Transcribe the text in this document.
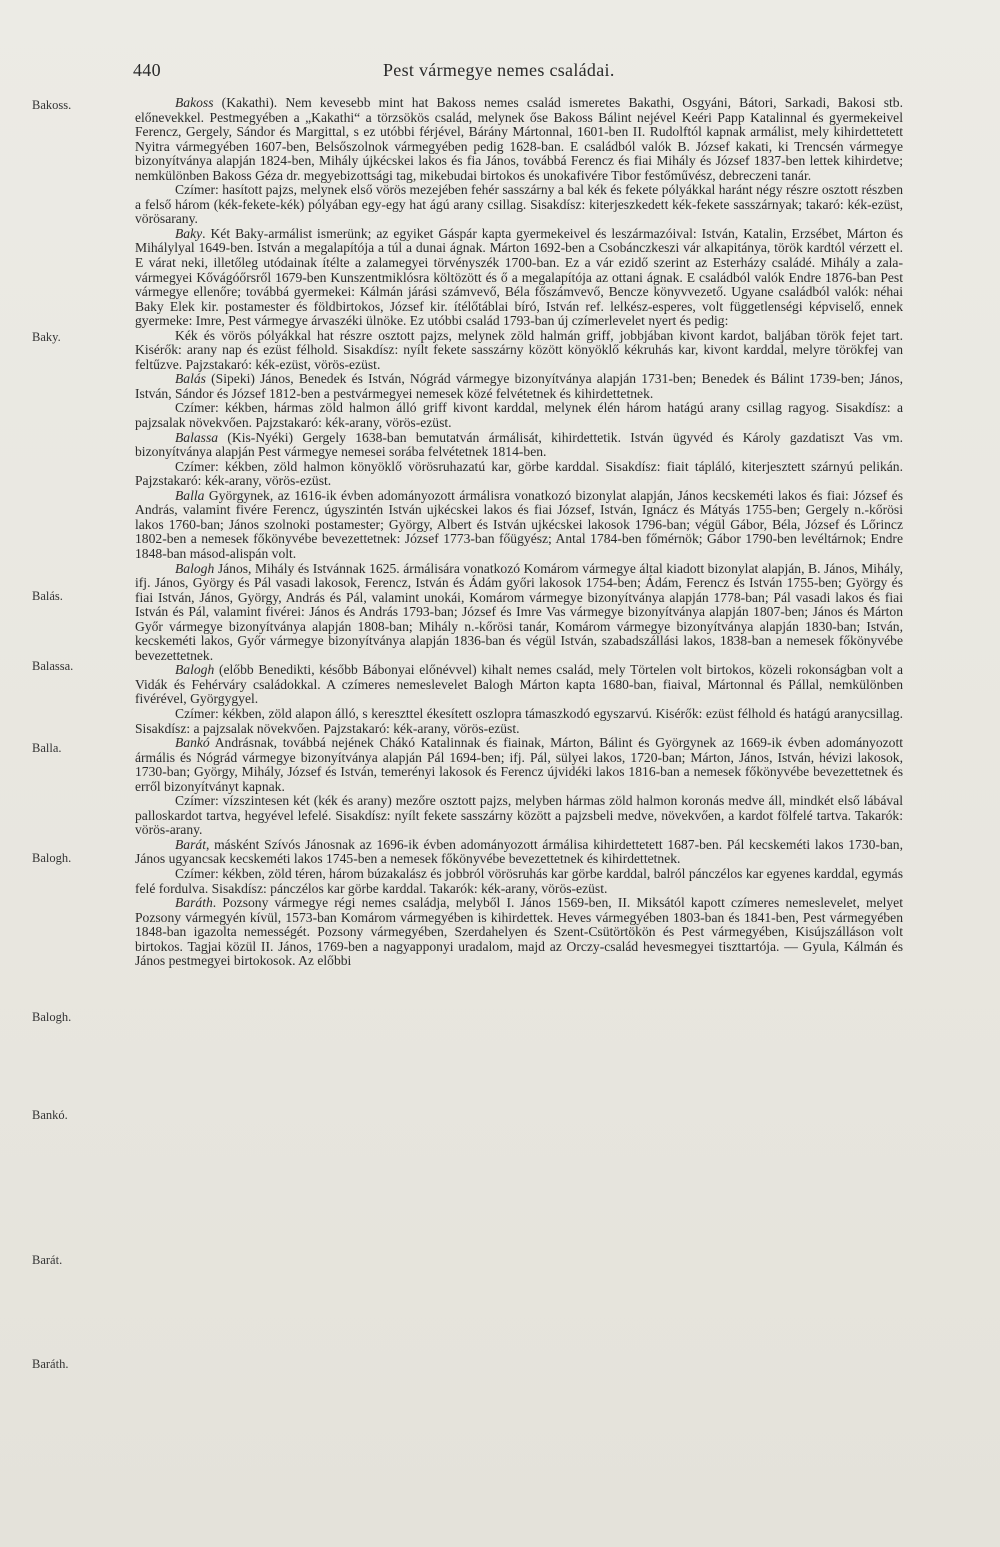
440	Pest vármegye nemes családai.
Bakoss.
Baky.
Balás.
Balassa.
Balla.
Balogh.
Balogh.
Bankó.
Barát.
Baráth.

Bakoss (Kakathi). Nem kevesebb mint hat Bakoss nemes család ismeretes Bakathi, Osgyáni, Bátori, Sarkadi, Bakosi stb. előnevekkel. Pestmegyében a „Kakathi“ a törzsökös család, melynek őse Bakoss Bálint nejével Keéri Papp Katalinnal és gyermekeivel Ferencz, Gergely, Sándor és Margittal, s ez utóbbi férjével, Bárány Mártonnal, 1601-ben II. Rudolftól kapnak armálist, mely kihirdettetett Nyitra vármegyében 1607-ben, Belsőszolnok vármegyében pedig 1628-ban. E családból valók B. József kakati, ki Trencsén vármegye bizonyítványa alapján 1824-ben, Mihály újkécskei lakos és fia János, továbbá Ferencz és fiai Mihály és József 1837-ben lettek kihirdetve; nemkülönben Bakoss Géza dr. megyebizottsági tag, mikebudai birtokos és unokafivére Tibor festőművész, debreczeni tanár.

Czímer: hasított pajzs, melynek első vörös mezejében fehér sasszárny a bal kék és fekete pólyákkal haránt négy részre osztott részben a felső három (kék-fekete-kék) pólyában egy-egy hat ágú arany csillag. Sisakdísz: kiterjeszkedett kék-fekete sasszárnyak; takaró: kék-ezüst, vörösarany.

Baky. Két Baky-armálist ismerünk; az egyiket Gáspár kapta gyermekeivel és leszármazóival: István, Katalin, Erzsébet, Márton és Mihálylyal 1649-ben. István a megalapítója a túl a dunai ágnak. Márton 1692-ben a Csobánczkeszi vár alkapitánya, török kardtól vérzett el. E várat neki, illetőleg utódainak ítélte a zalamegyei törvényszék 1700-ban. Ez a vár ezidő szerint az Esterházy családé. Mihály a zala-vármegyei Kővágóőrsről 1679-ben Kunszentmiklósra költözött és ő a megalapítója az ottani ágnak. E családból valók Endre 1876-ban Pest vármegye ellenőre; továbbá gyermekei: Kálmán járási számvevő, Béla főszámvevő, Bencze könyvvezető. Ugyane családból valók: néhai Baky Elek kir. postamester és földbirtokos, József kir. ítélőtáblai bíró, István ref. lelkész-esperes, volt függetlenségi képviselő, ennek gyermeke: Imre, Pest vármegye árvaszéki ülnöke. Ez utóbbi család 1793-ban új czímerlevelet nyert és pedig:

Kék és vörös pólyákkal hat részre osztott pajzs, melynek zöld halmán griff, jobbjában kivont kardot, baljában török fejet tart. Kisérők: arany nap és ezüst félhold. Sisakdísz: nyílt fekete sasszárny között könyöklő kékruhás kar, kivont karddal, melyre törökfej van feltűzve. Pajzstakaró: kék-ezüst, vörös-ezüst.

Balás (Sipeki) János, Benedek és István, Nógrád vármegye bizonyítványa alapján 1731-ben; Benedek és Bálint 1739-ben; János, István, Sándor és József 1812-ben a pestvármegyei nemesek közé felvétetnek és kihirdettetnek.

Czímer: kékben, hármas zöld halmon álló griff kivont karddal, melynek élén három hatágú arany csillag ragyog. Sisakdísz: a pajzsalak növekvően. Pajzstakaró: kék-arany, vörös-ezüst.

Balassa (Kis-Nyéki) Gergely 1638-ban bemutatván ármálisát, kihirdettetik. István ügyvéd és Károly gazdatiszt Vas vm. bizonyítványa alapján Pest vármegye nemesei sorába felvétetnek 1814-ben.

Czímer: kékben, zöld halmon könyöklő vörösruhazatú kar, görbe karddal. Sisakdísz: fiait tápláló, kiterjesztett szárnyú pelikán. Pajzstakaró: kék-arany, vörös-ezüst.

Balla Györgynek, az 1616-ik évben adományozott ármálisra vonatkozó bizonylat alapján, János kecskeméti lakos és fiai: József és András, valamint fivére Ferencz, úgyszintén István ujkécskei lakos és fiai József, István, Ignácz és Mátyás 1755-ben; Gergely n.-kőrösi lakos 1760-ban; János szolnoki postamester; György, Albert és István ujkécskei lakosok 1796-ban; végül Gábor, Béla, József és Lőrincz 1802-ben a nemesek főkönyvébe bevezettetnek: József 1773-ban főügyész; Antal 1784-ben főmérnök; Gábor 1790-ben levéltárnok; Endre 1848-ban másod-alispán volt.

Balogh János, Mihály és Istvánnak 1625. ármálisára vonatkozó Komárom vármegye által kiadott bizonylat alapján, B. János, Mihály, ifj. János, György és Pál vasadi lakosok, Ferencz, István és Ádám győri lakosok 1754-ben; Ádám, Ferencz és István 1755-ben; György és fiai István, János, György, András és Pál, valamint unokái, Komárom vármegye bizonyítványa alapján 1778-ban; Pál vasadi lakos és fiai István és Pál, valamint fivérei: János és András 1793-ban; József és Imre Vas vármegye bizonyítványa alapján 1807-ben; János és Márton Győr vármegye bizonyítványa alapján 1808-ban; Mihály n.-kőrösi tanár, Komárom vármegye bizonyítványa alapján 1830-ban; István, kecskeméti lakos, Győr vármegye bizonyítványa alapján 1836-ban és végül István, szabadszállási lakos, 1838-ban a nemesek főkönyvébe bevezettetnek.

Balogh (előbb Benedikti, később Bábonyai előnévvel) kihalt nemes család, mely Törtelen volt birtokos, közeli rokonságban volt a Vidák és Fehérváry családokkal. A czímeres nemeslevelet Balogh Márton kapta 1680-ban, fiaival, Mártonnal és Pállal, nemkülönben fivérével, Györgygyel.

Czímer: kékben, zöld alapon álló, s kereszttel ékesített oszlopra támaszkodó egyszarvú. Kisérők: ezüst félhold és hatágú aranycsillag. Sisakdísz: a pajzsalak növekvően. Pajzstakaró: kék-arany, vörös-ezüst.

Bankó Andrásnak, továbbá nejének Chákó Katalinnak és fiainak, Márton, Bálint és Györgynek az 1669-ik évben adományozott ármális és Nógrád vármegye bizonyítványa alapján Pál 1694-ben; ifj. Pál, sülyei lakos, 1720-ban; Márton, János, István, hévizi lakosok, 1730-ban; György, Mihály, József és István, temerényi lakosok és Ferencz újvidéki lakos 1816-ban a nemesek főkönyvébe bevezettetnek és erről bizonyítványt kapnak.

Czímer: vízszintesen két (kék és arany) mezőre osztott pajzs, melyben hármas zöld halmon koronás medve áll, mindkét első lábával palloskardot tartva, hegyével lefelé. Sisakdísz: nyílt fekete sasszárny között a pajzsbeli medve, növekvően, a kardot fölfelé tartva. Takarók: vörös-arany.

Barát, másként Szívós Jánosnak az 1696-ik évben adományozott ármálisa kihirdettetett 1687-ben. Pál kecskeméti lakos 1730-ban, János ugyancsak kecskeméti lakos 1745-ben a nemesek főkönyvébe bevezettetnek és kihirdettetnek.

Czímer: kékben, zöld téren, három búzakalász és jobbról vörösruhás kar görbe karddal, balról pánczélos kar egyenes karddal, egymás felé fordulva. Sisakdísz: pánczélos kar görbe karddal. Takarók: kék-arany, vörös-ezüst.

Baráth. Pozsony vármegye régi nemes családja, melyből I. János 1569-ben, II. Miksától kapott czímeres nemeslevelet, melyet Pozsony vármegyén kívül, 1573-ban Komárom vármegyében is kihirdettek. Heves vármegyében 1803-ban és 1841-ben, Pest vármegyében 1848-ban igazolta nemességét. Pozsony vármegyében, Szerdahelyen és Szent-Csütörtökön és Pest vármegyében, Kisújszálláson volt birtokos. Tagjai közül II. János, 1769-ben a nagyapponyi uradalom, majd az Orczy-család hevesmegyei tiszttartója. — Gyula, Kálmán és János pestmegyei birtokosok. Az előbbi
